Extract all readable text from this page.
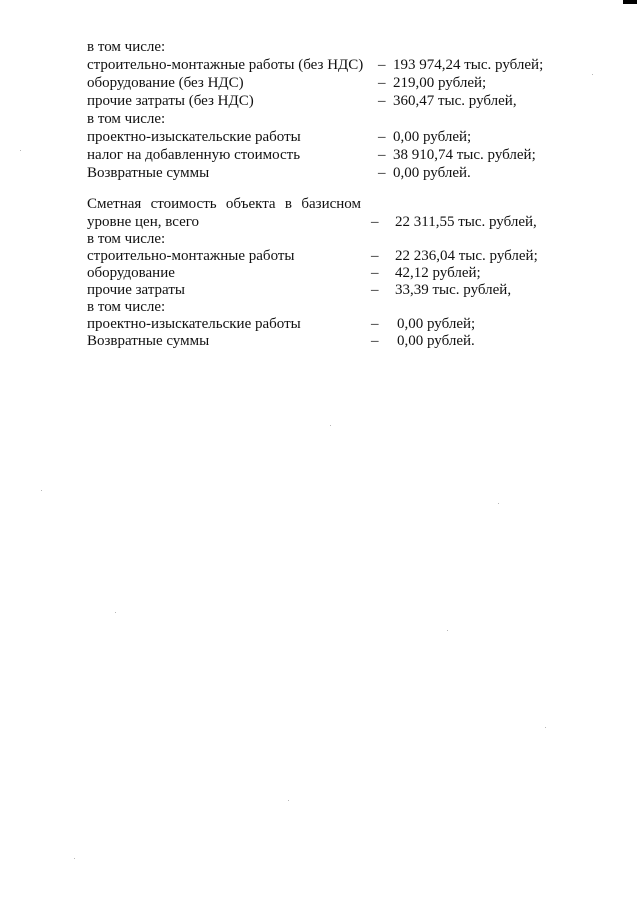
в том числе:
строительно-монтажные работы (без НДС) – 193 974,24 тыс. рублей;
оборудование (без НДС)	– 219,00 рублей;
прочие затраты (без НДС)	– 360,47 тыс. рублей,
в том числе:
проектно-изыскательские работы	– 0,00 рублей;
налог на добавленную стоимость	– 38 910,74 тыс. рублей;
Возвратные суммы	– 0,00 рублей.
Сметная стоимость объекта в базисном
уровне цен, всего	– 22 311,55 тыс. рублей,
в том числе:
строительно-монтажные работы	– 22 236,04 тыс. рублей;
оборудование	– 42,12 рублей;
прочие затраты	– 33,39 тыс. рублей,
в том числе:
проектно-изыскательские работы	– 0,00 рублей;
Возвратные суммы	– 0,00 рублей.
